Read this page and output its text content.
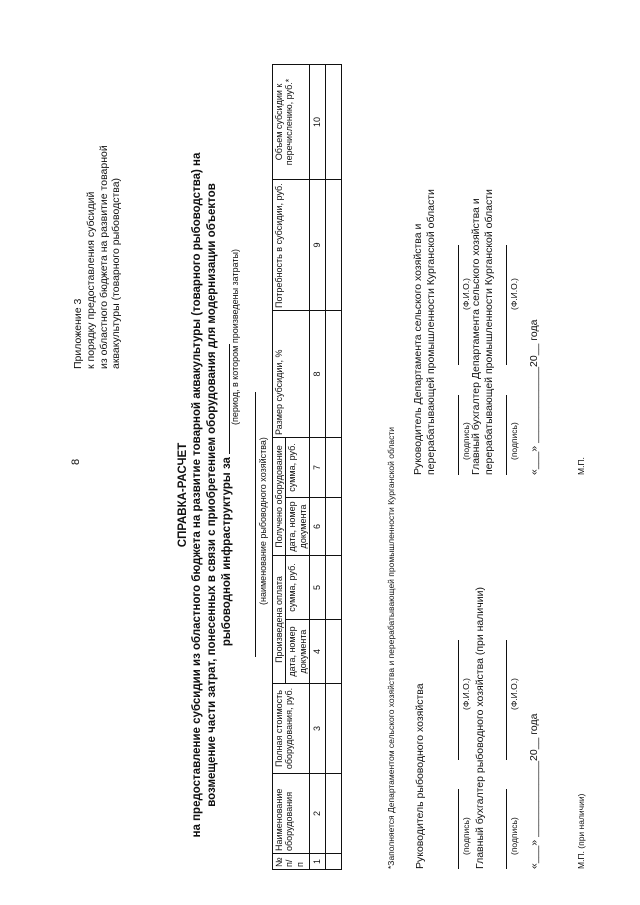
8
Приложение 3 к порядку предоставления субсидий из областного бюджета на развитие товарной аквакультуры (товарного рыбоводства)
СПРАВКА-РАСЧЕТ на предоставление субсидии из областного бюджета на развитие товарной аквакультуры (товарного рыбоводства) на возмещение части затрат, понесенных в связи с приобретением оборудования для модернизации объектов рыбоводной инфраструктуры за
(период, в котором произведены затраты)
(наименование рыбоводного хозяйства)
№ п/п	Наименование оборудования	Полная стоимость оборудования, руб.	Произведена оплата		Получено оборудование		Размер субсидии, %	Потребность в субсидии, руб.	Объем субсидии к перечислению, руб.*
			дата, номер документа	сумма, руб.	дата, номер документа	сумма, руб.			
1	2	3	4	5	6	7	8	9	10

*Заполняется Департаментом сельского хозяйства и перерабатывающей промышленности Курганской области Руководитель рыбоводного хозяйства	(подпись)
(Ф.И.О.) Главный бухгалтер рыбоводного хозяйства (при наличии)	(подпись)
(Ф.И.О.)
«___» _____________20__ года	М.П. (при наличии)
Руководитель Департамента сельского хозяйства и перерабатывающей промышленности Курганской области	(подпись)
(Ф.И.О.) Главный бухгалтер Департамента сельского хозяйства и перерабатывающей промышленности Курганской области (подпись)
(Ф.И.О.)
«___» _____________20__ года	М.П.
